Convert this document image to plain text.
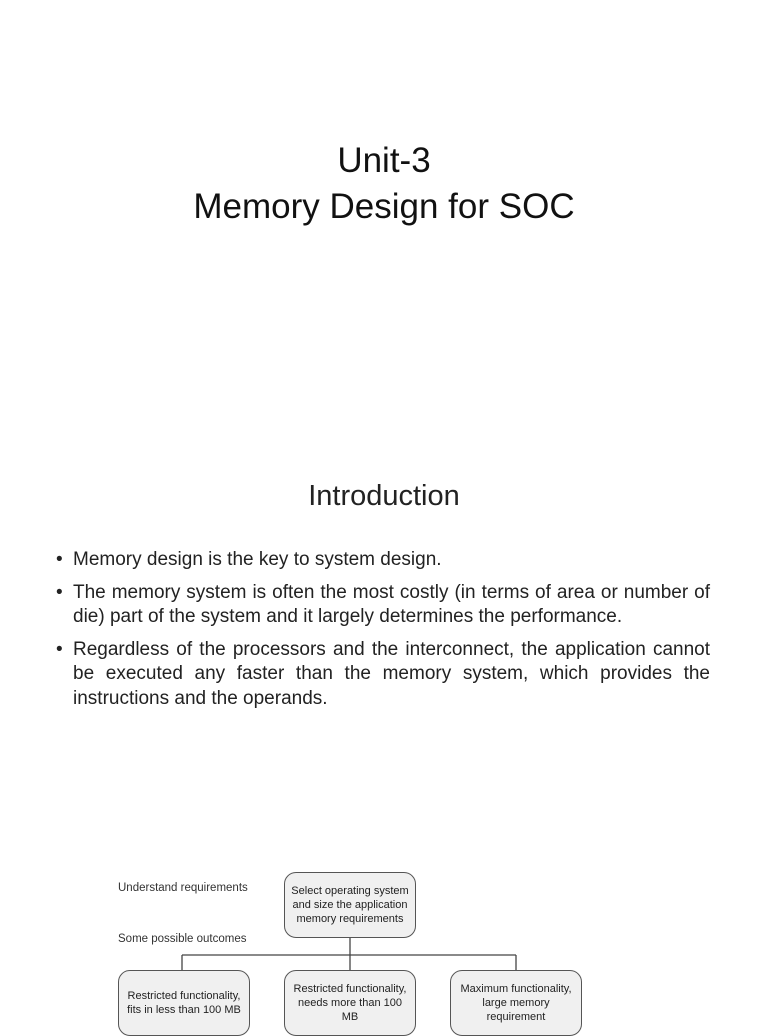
Unit-3
Memory Design for SOC
Introduction
• Memory design is the key to system design.
• The memory system is often the most costly (in terms of area or number of die) part of the system and it largely determines the performance.
• Regardless of the processors and the interconnect, the application cannot be executed any faster than the memory system, which provides the instructions and the operands.
Understand requirements
Some possible outcomes
Select operating system and size the application memory requirements
Restricted functionality, fits in less than 100 MB
Restricted functionality, needs more than 100 MB
Maximum functionality, large memory requirement
